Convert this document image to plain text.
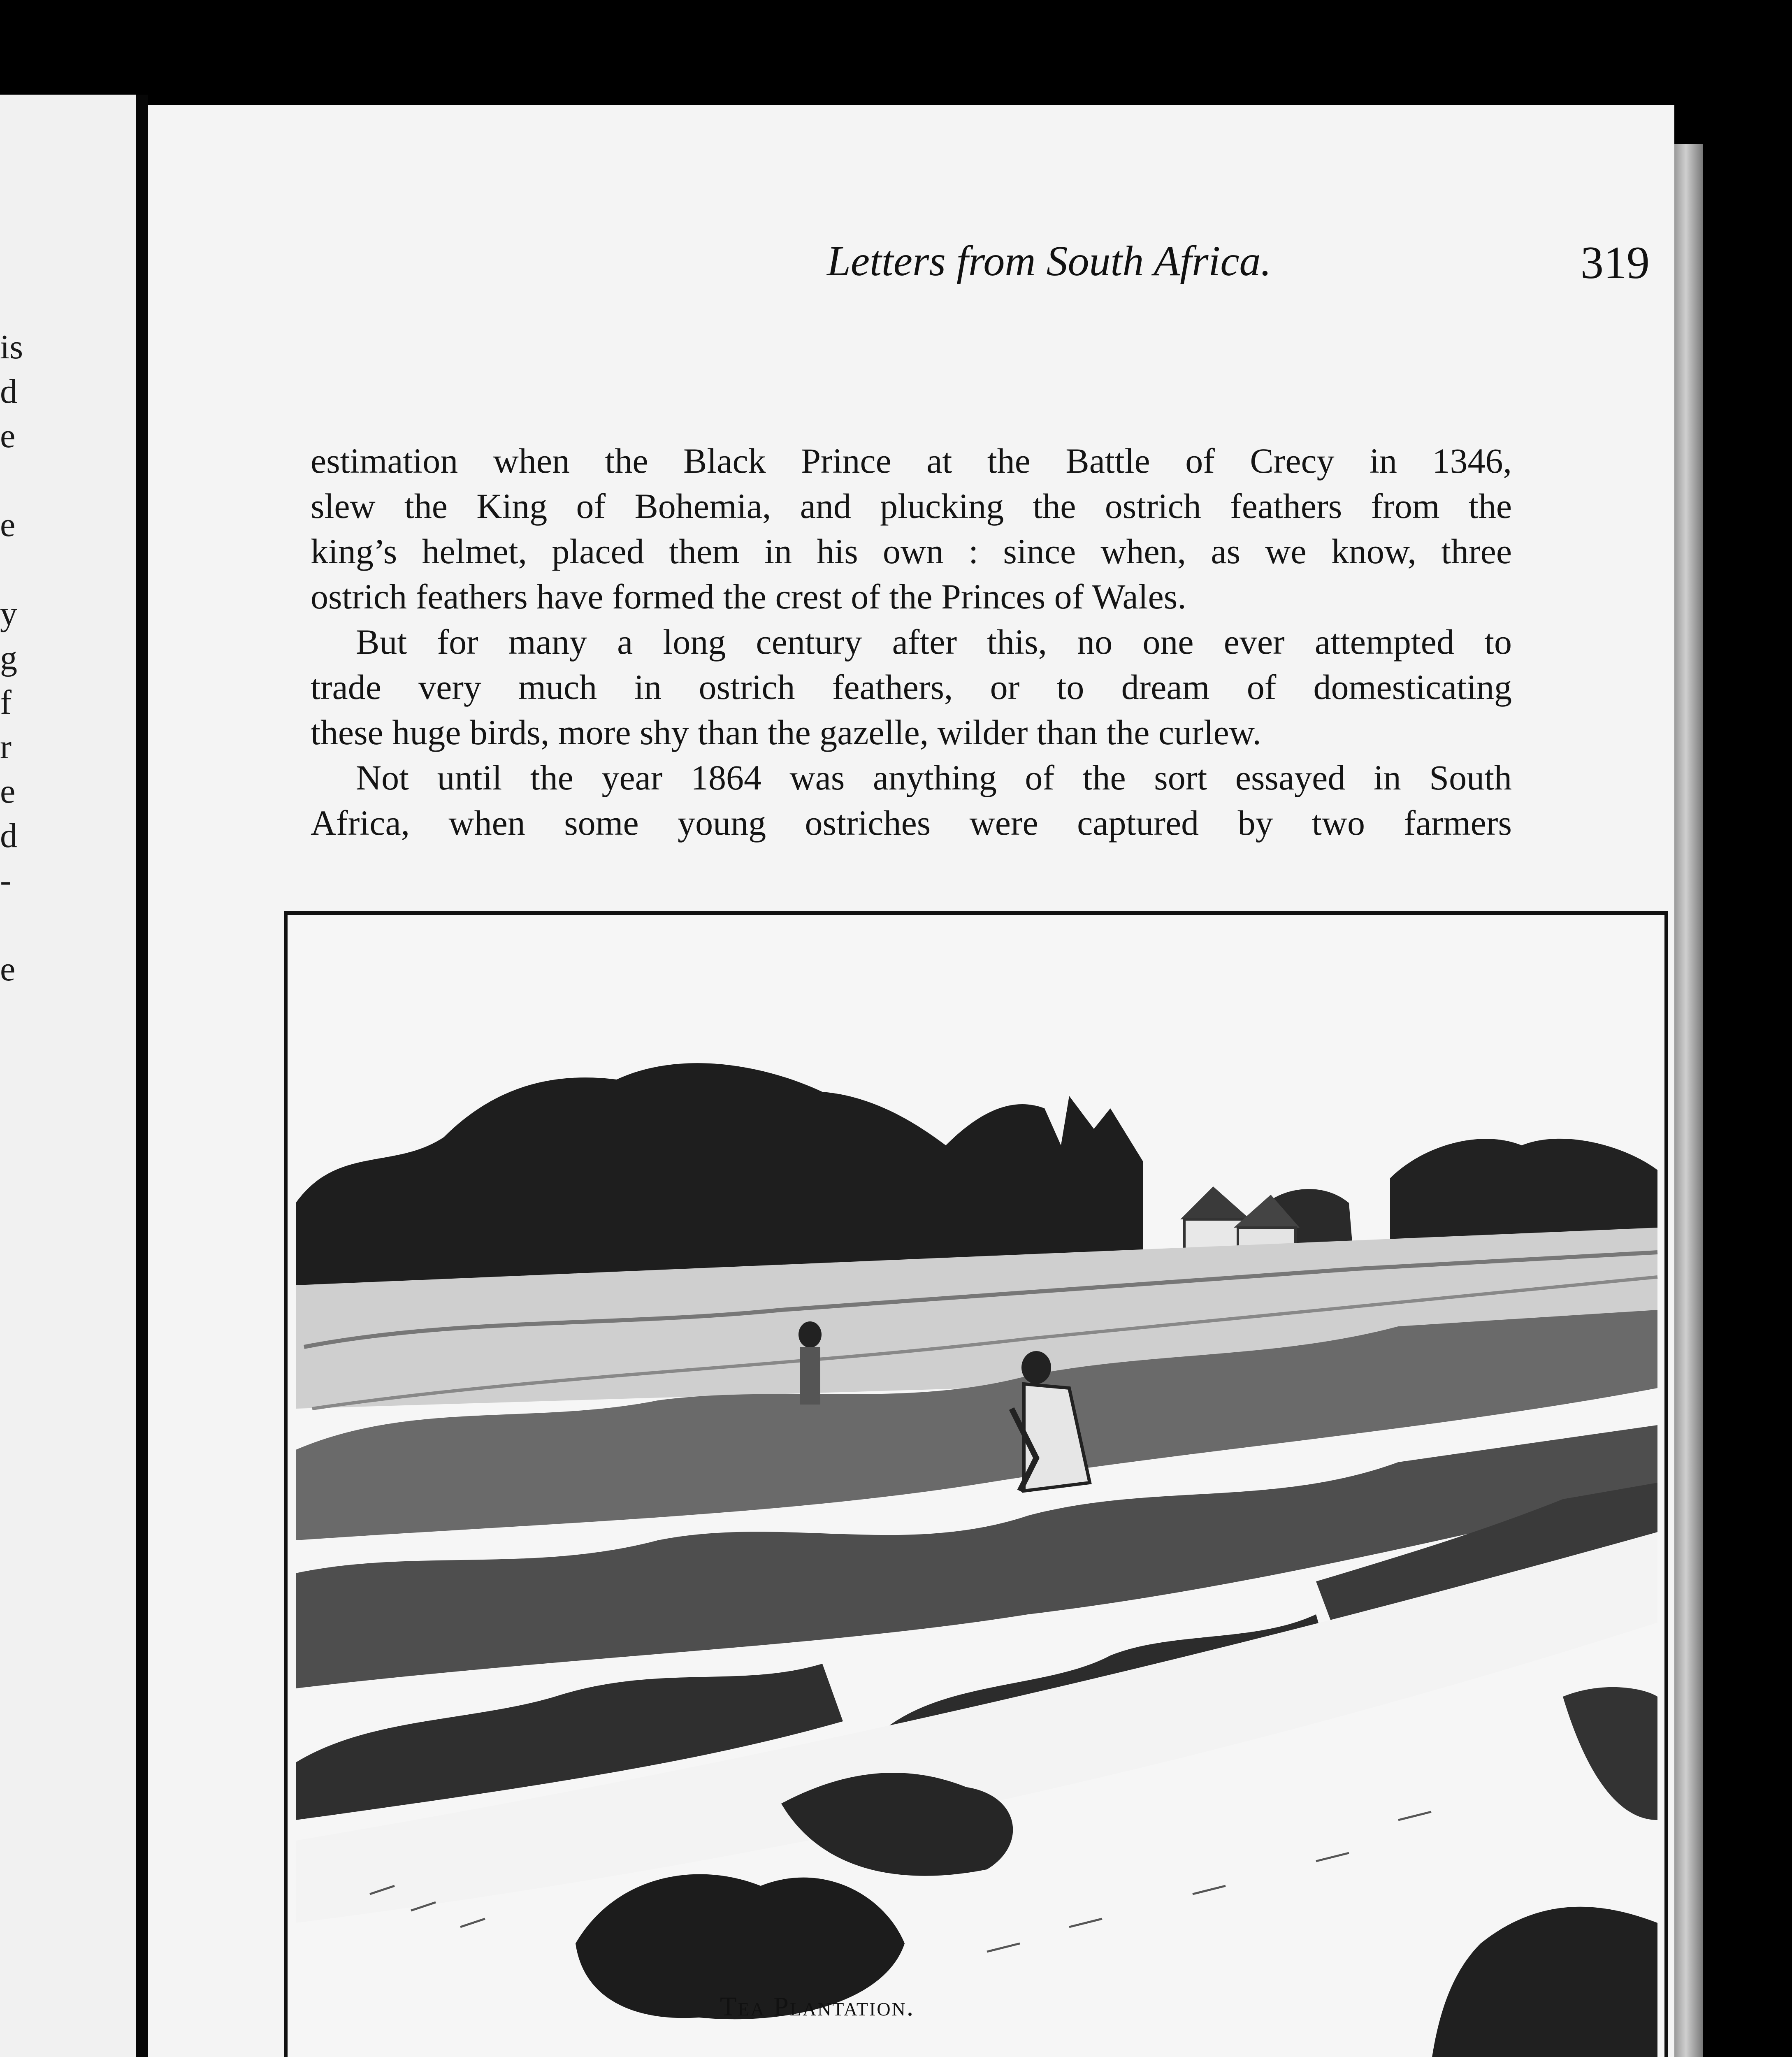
is
d
e

e

y
g
f
r
e
d
-

e
Letters from South Africa.	319
estimation when the Black Prince at the Battle of Crecy in 1346,
slew the King of Bohemia, and plucking the ostrich feathers from the
king’s helmet, placed them in his own : since when, as we know, three
ostrich feathers have formed the crest of the Princes of Wales.
But for many a long century after this, no one ever attempted to
trade very much in ostrich feathers, or to dream of domesticating
these huge birds, more shy than the gazelle, wilder than the curlew.
Not until the year 1864 was anything of the sort essayed in South
Africa, when some young ostriches were captured by two farmers
Tea Plantation.
